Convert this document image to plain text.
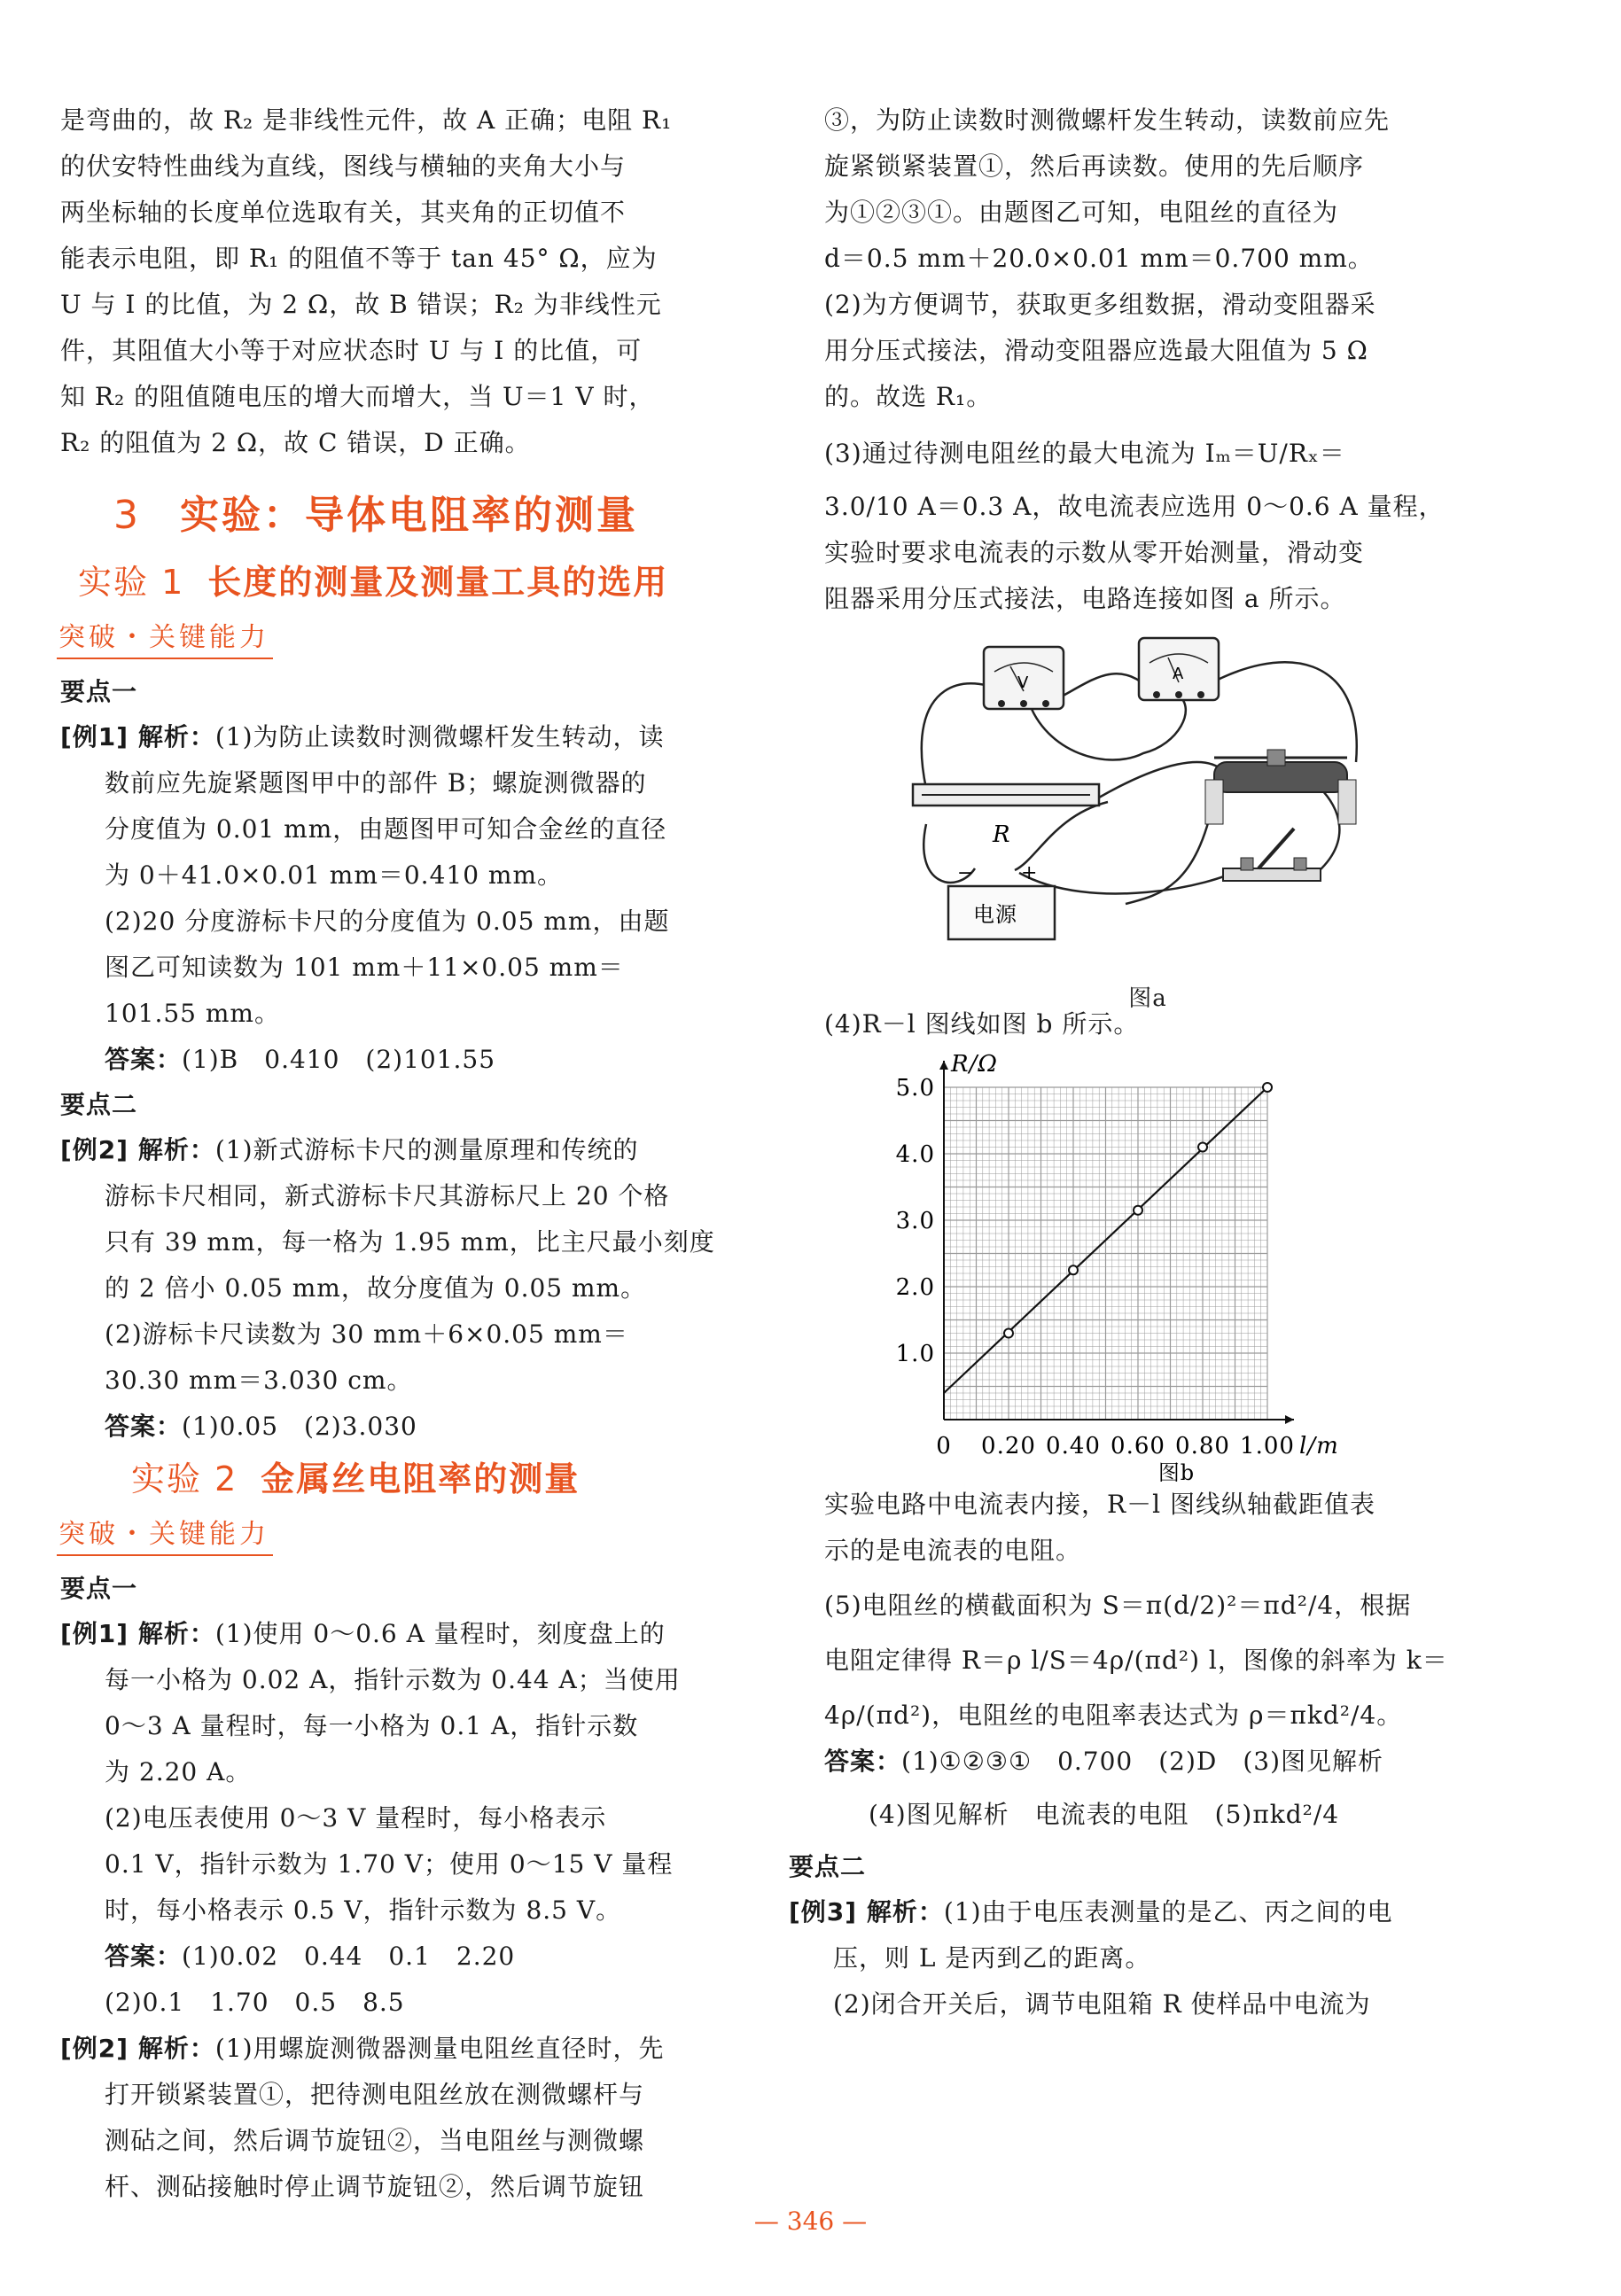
是弯曲的，故 R₂ 是非线性元件，故 A 正确；电阻 R₁

的伏安特性曲线为直线，图线与横轴的夹角大小与

两坐标轴的长度单位选取有关，其夹角的正切值不

能表示电阻，即 R₁ 的阻值不等于 tan 45° Ω，应为

U 与 I 的比值，为 2 Ω，故 B 错误；R₂ 为非线性元

件，其阻值大小等于对应状态时 U 与 I 的比值，可

知 R₂ 的阻值随电压的增大而增大，当 U＝1 V 时，

R₂ 的阻值为 2 Ω，故 C 错误，D 正确。

3 实验：导体电阻率的测量
实验 1 长度的测量及测量工具的选用
突破・关键能力
要点一

[例1] 解析：(1)为防止读数时测微螺杆发生转动，读

数前应先旋紧题图甲中的部件 B；螺旋测微器的

分度值为 0.01 mm，由题图甲可知合金丝的直径

为 0＋41.0×0.01 mm＝0.410 mm。

(2)20 分度游标卡尺的分度值为 0.05 mm，由题

图乙可知读数为 101 mm＋11×0.05 mm＝

101.55 mm。

答案：(1)B　0.410　(2)101.55

要点二

[例2] 解析：(1)新式游标卡尺的测量原理和传统的

游标卡尺相同，新式游标卡尺其游标尺上 20 个格

只有 39 mm，每一格为 1.95 mm，比主尺最小刻度

的 2 倍小 0.05 mm，故分度值为 0.05 mm。

(2)游标卡尺读数为 30 mm＋6×0.05 mm＝

30.30 mm＝3.030 cm。

答案：(1)0.05　(2)3.030

实验 2 金属丝电阻率的测量
突破・关键能力
要点一

[例1] 解析：(1)使用 0～0.6 A 量程时，刻度盘上的

每一小格为 0.02 A，指针示数为 0.44 A；当使用

0～3 A 量程时，每一小格为 0.1 A，指针示数

为 2.20 A。

(2)电压表使用 0～3 V 量程时，每小格表示

0.1 V，指针示数为 1.70 V；使用 0～15 V 量程

时，每小格表示 0.5 V，指针示数为 8.5 V。

答案：(1)0.02　0.44　0.1　2.20

(2)0.1　1.70　0.5　8.5

[例2] 解析：(1)用螺旋测微器测量电阻丝直径时，先

打开锁紧装置①，把待测电阻丝放在测微螺杆与

测砧之间，然后调节旋钮②，当电阻丝与测微螺

杆、测砧接触时停止调节旋钮②，然后调节旋钮

③，为防止读数时测微螺杆发生转动，读数前应先

旋紧锁紧装置①，然后再读数。使用的先后顺序

为①②③①。由题图乙可知，电阻丝的直径为

d＝0.5 mm＋20.0×0.01 mm＝0.700 mm。

(2)为方便调节，获取更多组数据，滑动变阻器采

用分压式接法，滑动变阻器应选最大阻值为 5 Ω

的。故选 R₁。

(3)通过待测电阻丝的最大电流为 Iₘ＝U/Rₓ＝

3.0/10 A＝0.3 A，故电流表应选用 0～0.6 A 量程，

实验时要求电流表的示数从零开始测量，滑动变

阻器采用分压式接法，电路连接如图 a 所示。

V	A
R
电源
− +
图a

(4)R－l 图线如图 b 所示。

0 0.20 0.40 0.60 0.80 1.00
1.0
2.0
3.0
4.0
5.0
l/m
R/Ω
图b

实验电路中电流表内接，R－l 图线纵轴截距值表

示的是电流表的电阻。

(5)电阻丝的横截面积为 S＝π(d/2)²＝πd²/4，根据

电阻定律得 R＝ρ l/S＝4ρ/(πd²) l，图像的斜率为 k＝

4ρ/(πd²)，电阻丝的电阻率表达式为 ρ＝πkd²/4。

答案：(1)①②③①　0.700　(2)D　(3)图见解析

(4)图见解析　电流表的电阻　(5)πkd²/4

要点二

[例3] 解析：(1)由于电压表测量的是乙、丙之间的电

压，则 L 是丙到乙的距离。

(2)闭合开关后，调节电阻箱 R 使样品中电流为

— 346 —
